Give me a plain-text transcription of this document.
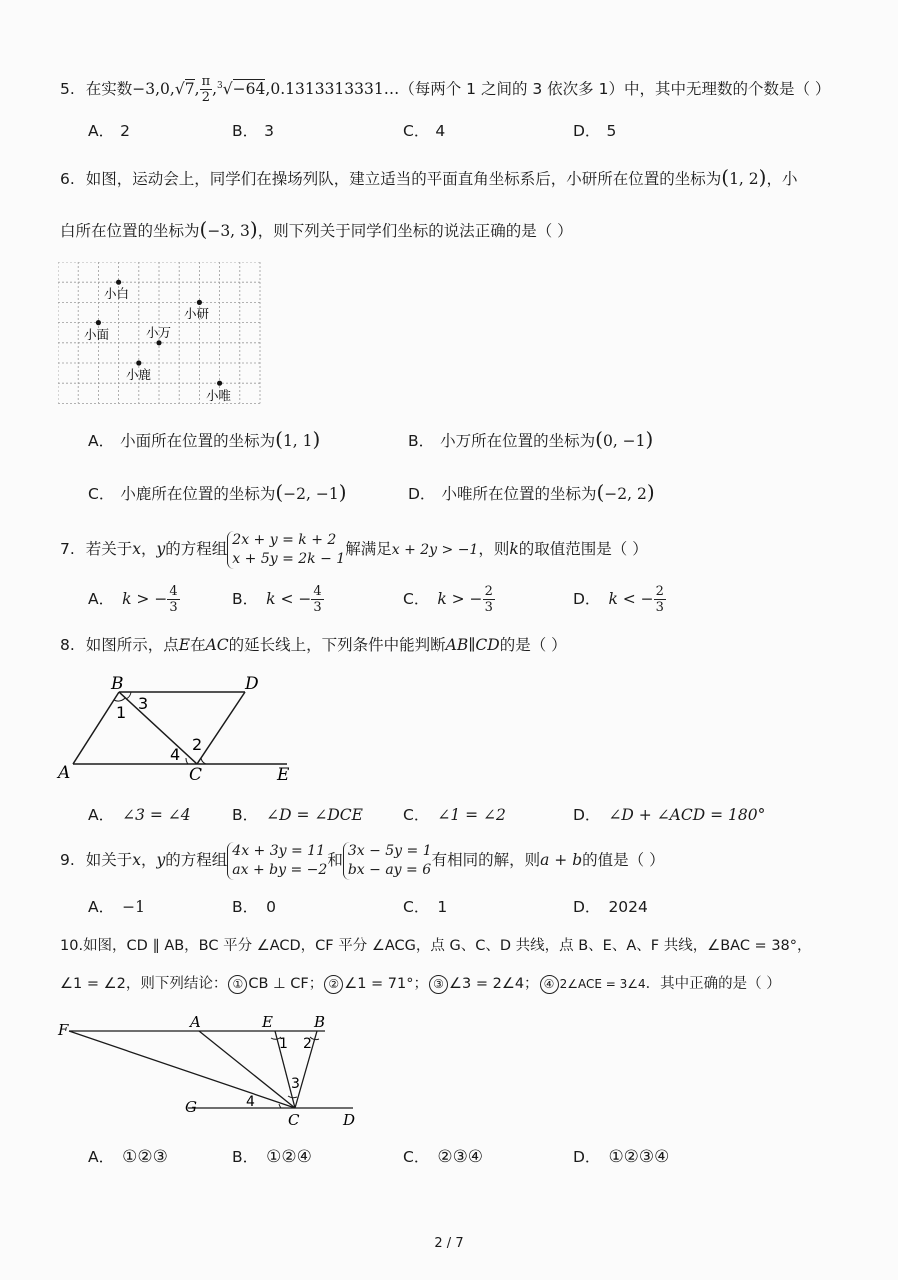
5. 在实数−3,0,√7, $\frac{\pi}{2}$ ,$^3$√−64,0.1313313331…（每两个 1 之间的 3 依次多 1）中，其中无理数的个数是（ ）
A． 2	B． 3	C． 4	D． 5
6. 如图，运动会上，同学们在操场列队，建立适当的平面直角坐标系后，小研所在位置的坐标为(1, 2)，小
白所在位置的坐标为(−3, 3)，则下列关于同学们坐标的说法正确的是（ ）
小白
小研
小面	小万
小鹿
小唯
A． 小面所在位置的坐标为(1, 1)	B． 小万所在位置的坐标为(0, −1)
C． 小鹿所在位置的坐标为(−2, −1)	D． 小唯所在位置的坐标为(−2, 2)
7. 若关于x，y的方程组
2x + y = k + 2
x + 5y = 2k − 1
解满足x + 2y > −1，则k的取值范围是（ ）
A． k > − $\frac{4}{3}$	B． k < − $\frac{4}{3}$	C． k > − $\frac{2}{3}$	D． k < − $\frac{2}{3}$
8. 如图所示，点E在AC的延长线上，下列条件中能判断AB∥CD的是（ ）
B	D
A	C	E
1 3
2
4
A． ∠3 = ∠4	B． ∠D = ∠DCE	C． ∠1 = ∠2	D． ∠D + ∠ACD = 180°
9. 如关于x，y的方程组
4x + 3y = 11
ax + by = −2
和
3x − 5y = 1
bx − ay = 6
有相同的解，则a + b的值是（ ）
A． −1	B． 0	C． 1	D． 2024
10.如图，CD ∥ AB，BC 平分 ∠ACD，CF 平分 ∠ACG，点 G、C、D 共线，点 B、E、A、F 共线，∠BAC = 38°，
∠1 = ∠2，则下列结论： ① CB ⊥ CF； ② ∠1 = 71°； ③ ∠3 = 2∠4； ④ 2∠ACE = 3∠4．其中正确的是（ ）
F	A	E	B
G
C	D
1 2
3
4
A． ①②③	B． ①②④	C． ②③④	D． ①②③④
2 / 7
